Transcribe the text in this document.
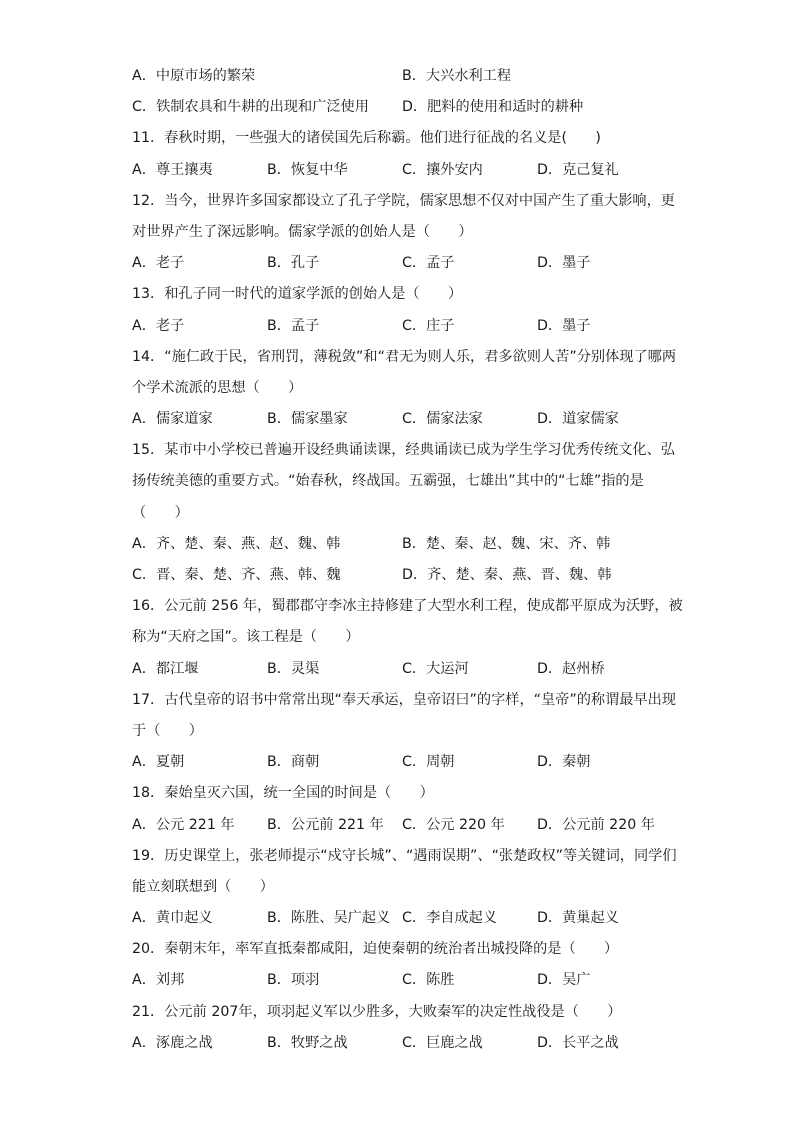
A．中原市场的繁荣	B．大兴水利工程
C．铁制农具和牛耕的出现和广泛使用	D．肥料的使用和适时的耕种
11．春秋时期，一些强大的诸侯国先后称霸。他们进行征战的名义是(　　)
A．尊王攘夷	B．恢复中华	C．攘外安内	D．克己复礼
12．当今，世界许多国家都设立了孔子学院，儒家思想不仅对中国产生了重大影响，更
对世界产生了深远影响。儒家学派的创始人是（　　）
A．老子	B．孔子	C．孟子	D．墨子
13．和孔子同一时代的道家学派的创始人是（　　）
A．老子	B．孟子	C．庄子	D．墨子
14．“施仁政于民，省刑罚，薄税敛”和“君无为则人乐，君多欲则人苦”分别体现了哪两
个学术流派的思想（　　）
A．儒家道家	B．儒家墨家	C．儒家法家	D．道家儒家
15．某市中小学校已普遍开设经典诵读课，经典诵读已成为学生学习优秀传统文化、弘
扬传统美德的重要方式。“始春秋，终战国。五霸强，七雄出”其中的“七雄”指的是
（　　）
A．齐、楚、秦、燕、赵、魏、韩	B．楚、秦、赵、魏、宋、齐、韩
C．晋、秦、楚、齐、燕、韩、魏	D．齐、楚、秦、燕、晋、魏、韩
16．公元前 256 年，蜀郡郡守李冰主持修建了大型水利工程，使成都平原成为沃野，被
称为“天府之国”。该工程是（　　）
A．都江堰	B．灵渠	C．大运河	D．赵州桥
17．古代皇帝的诏书中常常出现“奉天承运，皇帝诏曰”的字样，“皇帝”的称谓最早出现
于（　　）
A．夏朝	B．商朝	C．周朝	D．秦朝
18．秦始皇灭六国，统一全国的时间是（　　）
A．公元 221 年	B．公元前 221 年	C．公元 220 年	D．公元前 220 年
19．历史课堂上，张老师提示“戍守长城”、“遇雨误期”、“张楚政权”等关键词，同学们
能立刻联想到（　　）
A．黄巾起义	B．陈胜、吴广起义 C．李自成起义	D．黄巢起义
20．秦朝末年，率军直抵秦都咸阳，迫使秦朝的统治者出城投降的是（　　）
A．刘邦	B．项羽	C．陈胜	D．吴广
21．公元前 207年，项羽起义军以少胜多，大败秦军的决定性战役是（　　）
A．涿鹿之战	B．牧野之战	C．巨鹿之战	D．长平之战
